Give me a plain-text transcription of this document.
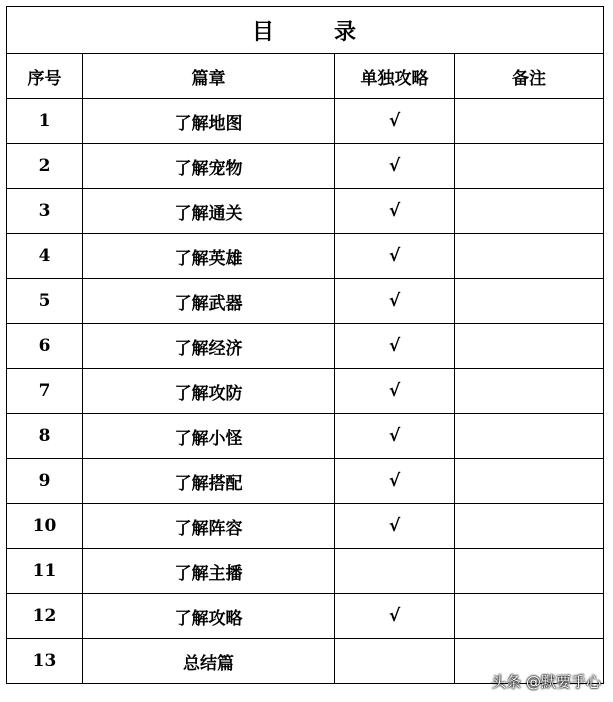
目      录			
序号	篇章	单独攻略	备注
1	了解地图	√	
2	了解宠物	√	
3	了解通关	√	
4	了解英雄	√	
5	了解武器	√	
6	了解经济	√	
7	了解攻防	√	
8	了解小怪	√	
9	了解搭配	√	
10	了解阵容	√	
11	了解主播		
12	了解攻略	√	
13	总结篇		
头条 @默要手心
